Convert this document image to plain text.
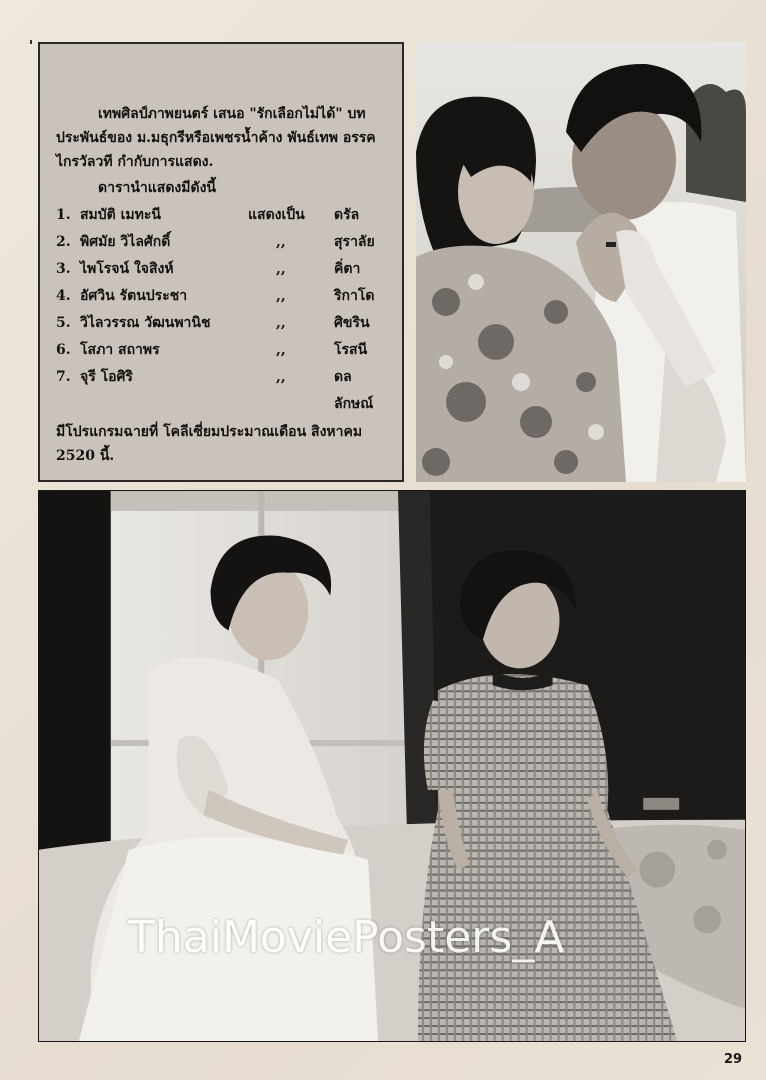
เทพศิลป์ภาพยนตร์ เสนอ "รักเลือกไม่ได้" บทประพันธ์ของ ม.มธุกรีหรือเพชรน้ำค้าง พันธ์เทพ อรรคไกรวัลวที กำกับการแสดง.

ดารานำแสดงมีดังนี้

1. สมบัติ เมทะนี	แสดงเป็น	ดรัล
2. พิศมัย วิไลศักดิ์	,,	สุราลัย
3. ไพโรจน์ ใจสิงห์	,,	คิ่ตา
4. อัศวิน รัตนประชา	,,	ริกาโด
5. วิไลวรรณ วัฒนพานิช	,,	ศิขริน
6. โสภา สถาพร	,,	โรสนี
7. จุรี โอศิริ	,,	ดลลักษณ์

มีโปรแกรมฉายที่ โคลีเซี่ยมประมาณเดือน สิงหาคม 2520 นี้.

ThaiMoviePosters_A
29
